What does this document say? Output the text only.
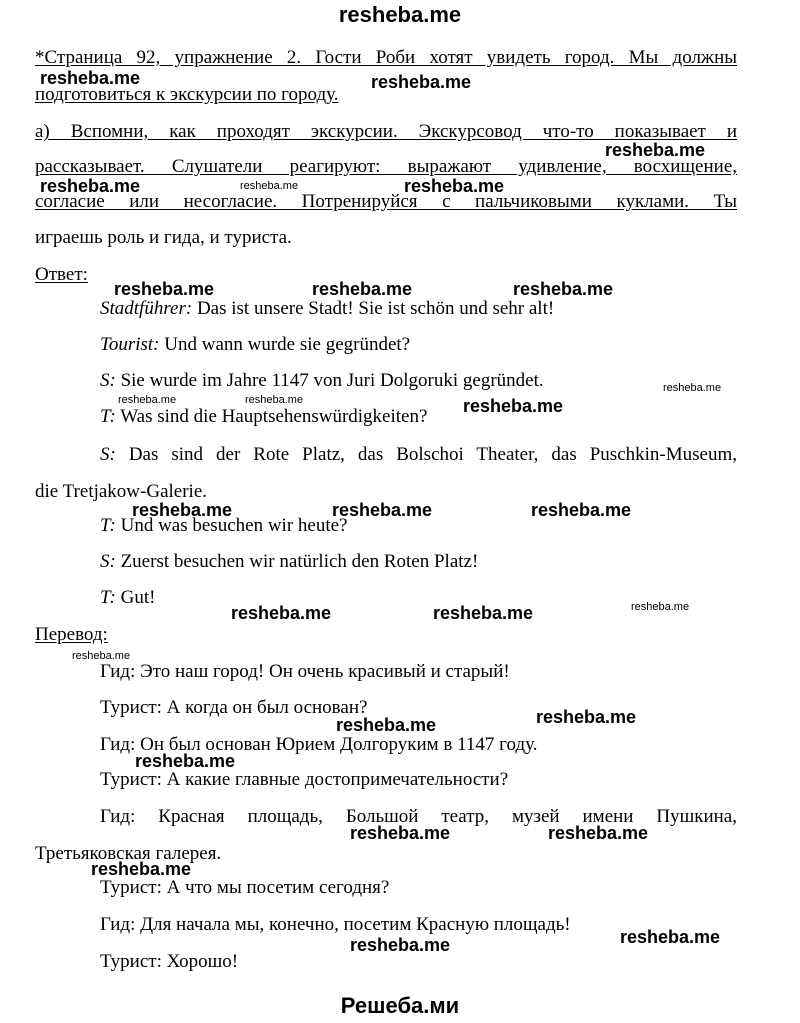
resheba.me
*Страница 92, упражнение 2. Гости Роби хотят увидеть город. Мы должны
подготовиться к экскурсии по городу.
а) Вспомни, как проходят экскурсии. Экскурсовод что-то показывает и
рассказывает. Слушатели реагируют: выражают удивление, восхищение,
согласие или несогласие. Потренируйся с пальчиковыми куклами. Ты
играешь роль и гида, и туриста.
Ответ:
Stadtführer: Das ist unsere Stadt! Sie ist schön und sehr alt!
Tourist: Und wann wurde sie gegründet?
S: Sie wurde im Jahre 1147 von Juri Dolgoruki gegründet.
T: Was sind die Hauptsehenswürdigkeiten?
S: Das sind der Rote Platz, das Bolschoi Theater, das Puschkin-Museum,
die Tretjakow-Galerie.
T: Und was besuchen wir heute?
S: Zuerst besuchen wir natürlich den Roten Platz!
T: Gut!
Перевод:
Гид: Это наш город! Он очень красивый и старый!
Турист: А когда он был основан?
Гид: Он был основан Юрием Долгоруким в 1147 году.
Турист: А какие главные достопримечательности?
Гид: Красная площадь, Большой театр, музей имени Пушкина,
Третьяковская галерея.
Турист: А что мы посетим сегодня?
Гид: Для начала мы, конечно, посетим Красную площадь!
Турист: Хорошо!
resheba.me	resheba.me
resheba.me
resheba.me	resheba.me	resheba.me
resheba.me	resheba.me	resheba.me
resheba.me
resheba.me	resheba.me	resheba.me
resheba.me	resheba.me	resheba.me
resheba.me	resheba.me	resheba.me
resheba.me
resheba.me	resheba.me
resheba.me
resheba.me	resheba.me
resheba.me
resheba.me
resheba.me
Решеба.ми
